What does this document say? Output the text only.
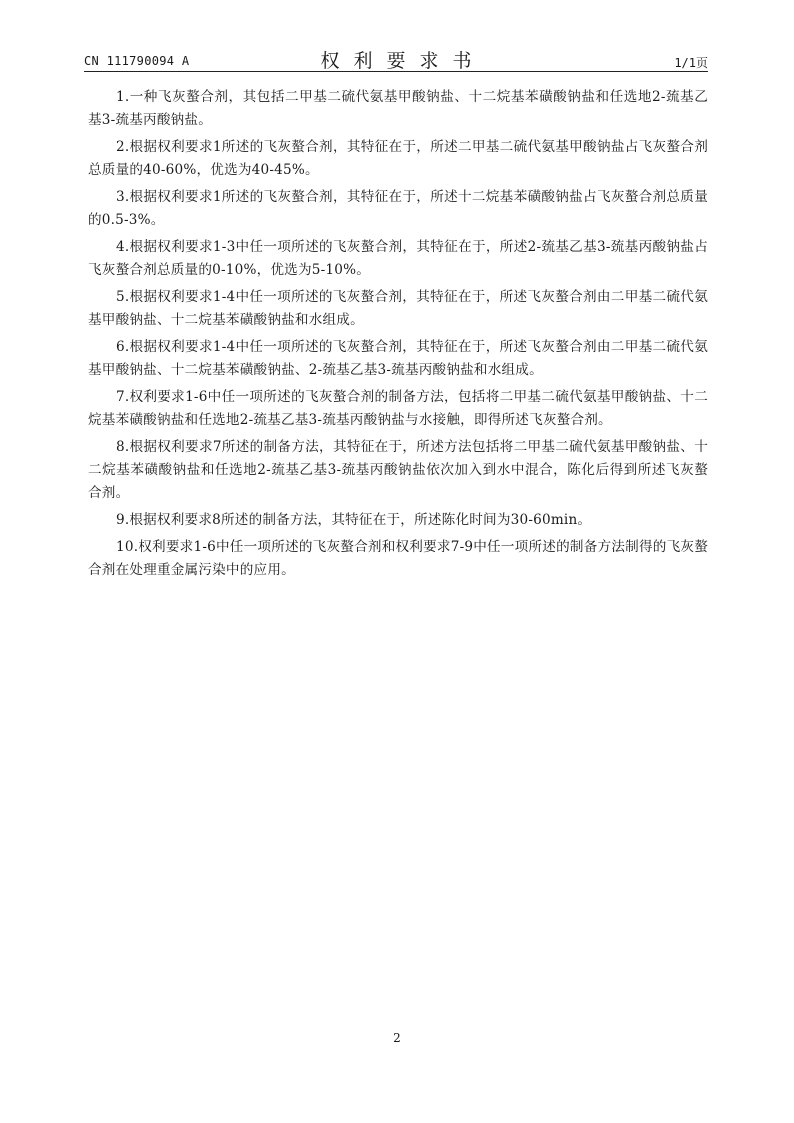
CN 111790094 A	权利要求书	1/1页

1.一种飞灰螯合剂，其包括二甲基二硫代氨基甲酸钠盐、十二烷基苯磺酸钠盐和任选地2-巯基乙基3-巯基丙酸钠盐。

2.根据权利要求1所述的飞灰螯合剂，其特征在于，所述二甲基二硫代氨基甲酸钠盐占飞灰螯合剂总质量的40-60%，优选为40-45%。

3.根据权利要求1所述的飞灰螯合剂，其特征在于，所述十二烷基苯磺酸钠盐占飞灰螯合剂总质量的0.5-3%。

4.根据权利要求1-3中任一项所述的飞灰螯合剂，其特征在于，所述2-巯基乙基3-巯基丙酸钠盐占飞灰螯合剂总质量的0-10%，优选为5-10%。

5.根据权利要求1-4中任一项所述的飞灰螯合剂，其特征在于，所述飞灰螯合剂由二甲基二硫代氨基甲酸钠盐、十二烷基苯磺酸钠盐和水组成。

6.根据权利要求1-4中任一项所述的飞灰螯合剂，其特征在于，所述飞灰螯合剂由二甲基二硫代氨基甲酸钠盐、十二烷基苯磺酸钠盐、2-巯基乙基3-巯基丙酸钠盐和水组成。

7.权利要求1-6中任一项所述的飞灰螯合剂的制备方法，包括将二甲基二硫代氨基甲酸钠盐、十二烷基苯磺酸钠盐和任选地2-巯基乙基3-巯基丙酸钠盐与水接触，即得所述飞灰螯合剂。

8.根据权利要求7所述的制备方法，其特征在于，所述方法包括将二甲基二硫代氨基甲酸钠盐、十二烷基苯磺酸钠盐和任选地2-巯基乙基3-巯基丙酸钠盐依次加入到水中混合，陈化后得到所述飞灰螯合剂。

9.根据权利要求8所述的制备方法，其特征在于，所述陈化时间为30-60min。

10.权利要求1-6中任一项所述的飞灰螯合剂和权利要求7-9中任一项所述的制备方法制得的飞灰螯合剂在处理重金属污染中的应用。

2
